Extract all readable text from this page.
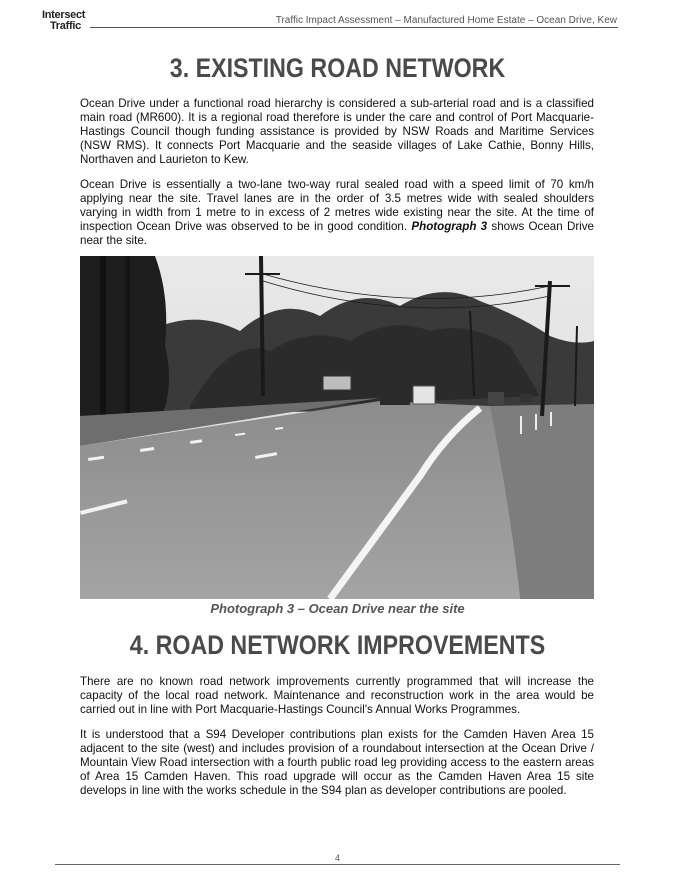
Intersect
Traffic	Traffic Impact Assessment – Manufactured Home Estate – Ocean Drive, Kew
3. EXISTING ROAD NETWORK

Ocean Drive under a functional road hierarchy is considered a sub-arterial road and is a classified main road (MR600). It is a regional road therefore is under the care and control of Port Macquarie-Hastings Council though funding assistance is provided by NSW Roads and Maritime Services (NSW RMS). It connects Port Macquarie and the seaside villages of Lake Cathie, Bonny Hills, Northaven and Laurieton to Kew.

Ocean Drive is essentially a two-lane two-way rural sealed road with a speed limit of 70 km/h applying near the site. Travel lanes are in the order of 3.5 metres wide with sealed shoulders varying in width from 1 metre to in excess of 2 metres wide existing near the site. At the time of inspection Ocean Drive was observed to be in good condition. Photograph 3 shows Ocean Drive near the site.

Photograph 3 – Ocean Drive near the site
4. ROAD NETWORK IMPROVEMENTS

There are no known road network improvements currently programmed that will increase the capacity of the local road network. Maintenance and reconstruction work in the area would be carried out in line with Port Macquarie-Hastings Council's Annual Works Programmes.

It is understood that a S94 Developer contributions plan exists for the Camden Haven Area 15 adjacent to the site (west) and includes provision of a roundabout intersection at the Ocean Drive / Mountain View Road intersection with a fourth public road leg providing access to the eastern areas of Area 15 Camden Haven. This road upgrade will occur as the Camden Haven Area 15 site develops in line with the works schedule in the S94 plan as developer contributions are pooled.

4
